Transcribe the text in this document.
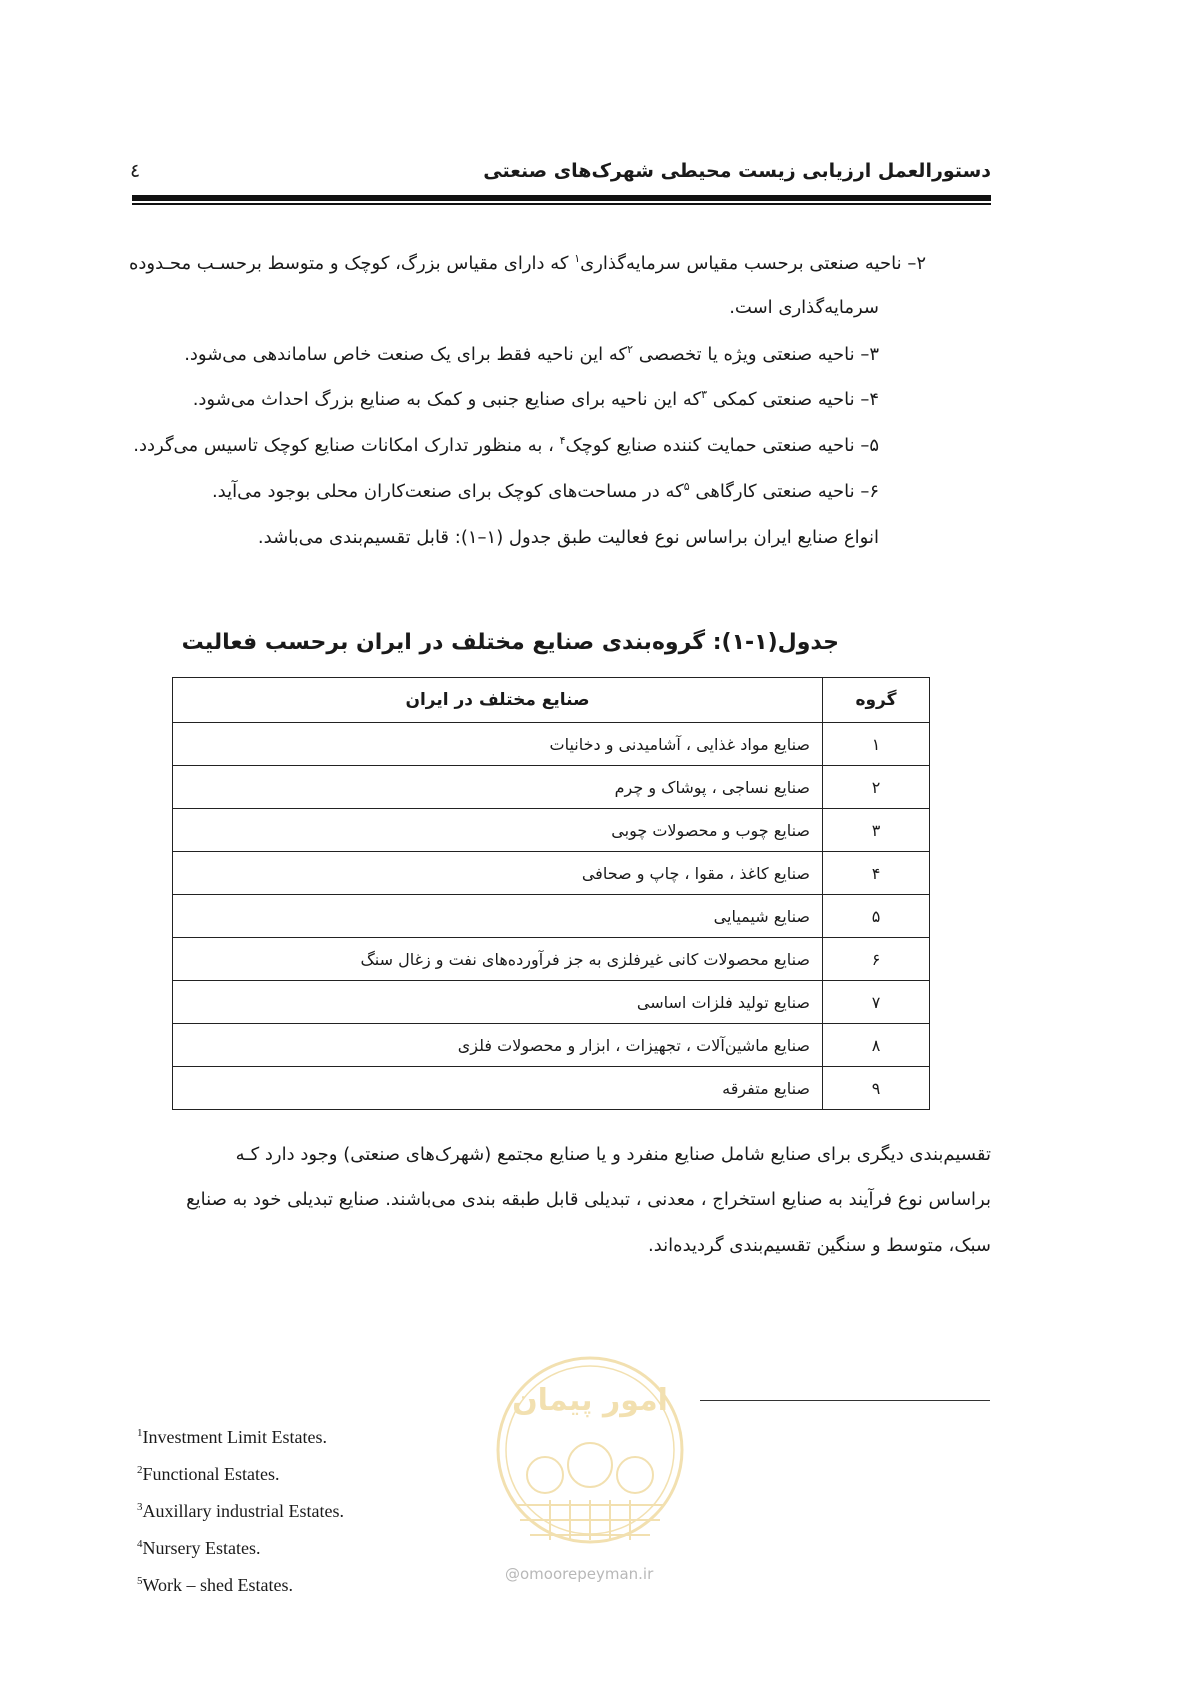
دستورالعمل ارزیابی زیست محیطی شهرک‌های صنعتی
٤
۲– ناحیه صنعتی برحسب مقیاس سرمایه‌گذاری$^۱$ که دارای مقیاس بزرگ، کوچک و متوسط برحسـب محـدوده
سرمایه‌گذاری است.
۳– ناحیه صنعتی ویژه یا تخصصی $^۲$که این ناحیه فقط برای یک صنعت خاص ساماندهی می‌شود.
۴– ناحیه صنعتی کمکی $^۳$که این ناحیه برای صنایع جنبی و کمک به صنایع بزرگ احداث می‌شود.
۵– ناحیه صنعتی حمایت کننده صنایع کوچک$^۴$ ، به منظور تدارک امکانات صنایع کوچک تاسیس می‌گردد.
۶– ناحیه صنعتی کارگاهی $^۵$که در مساحت‌های کوچک برای صنعت‌کاران محلی بوجود می‌آید.
انواع صنایع ایران براساس نوع فعالیت طبق جدول (۱–۱): قابل تقسیم‌بندی می‌باشد.
جدول(۱-۱): گروه‌بندی صنایع مختلف در ایران برحسب فعالیت
گروه	صنایع مختلف در ایران
۱	صنایع مواد غذایی ، آشامیدنی و دخانیات
۲	صنایع نساجی ، پوشاک و چرم
۳	صنایع چوب و محصولات چوبی
۴	صنایع کاغذ ، مقوا ، چاپ و صحافی
۵	صنایع شیمیایی
۶	صنایع محصولات کانی غیرفلزی به جز فرآورده‌های نفت و زغال سنگ
۷	صنایع تولید فلزات اساسی
۸	صنایع ماشین‌آلات ، تجهیزات ، ابزار و محصولات فلزی
۹	صنایع متفرقه
تقسیم‌بندی دیگری برای صنایع شامل صنایع منفرد و یا صنایع مجتمع (شهرک‌های صنعتی) وجود دارد کـه
براساس نوع فرآیند به صنایع استخراج ، معدنی ، تبدیلی قابل طبقه بندی می‌باشند. صنایع تبدیلی خود به صنایع
سبک، متوسط و سنگین تقسیم‌بندی گردیده‌اند.
امور پیمان
@omoorepeyman.ir
$^1$Investment Limit Estates.
$^2$Functional Estates.
$^3$Auxillary industrial Estates.
$^4$Nursery Estates.
$^5$Work – shed Estates.
